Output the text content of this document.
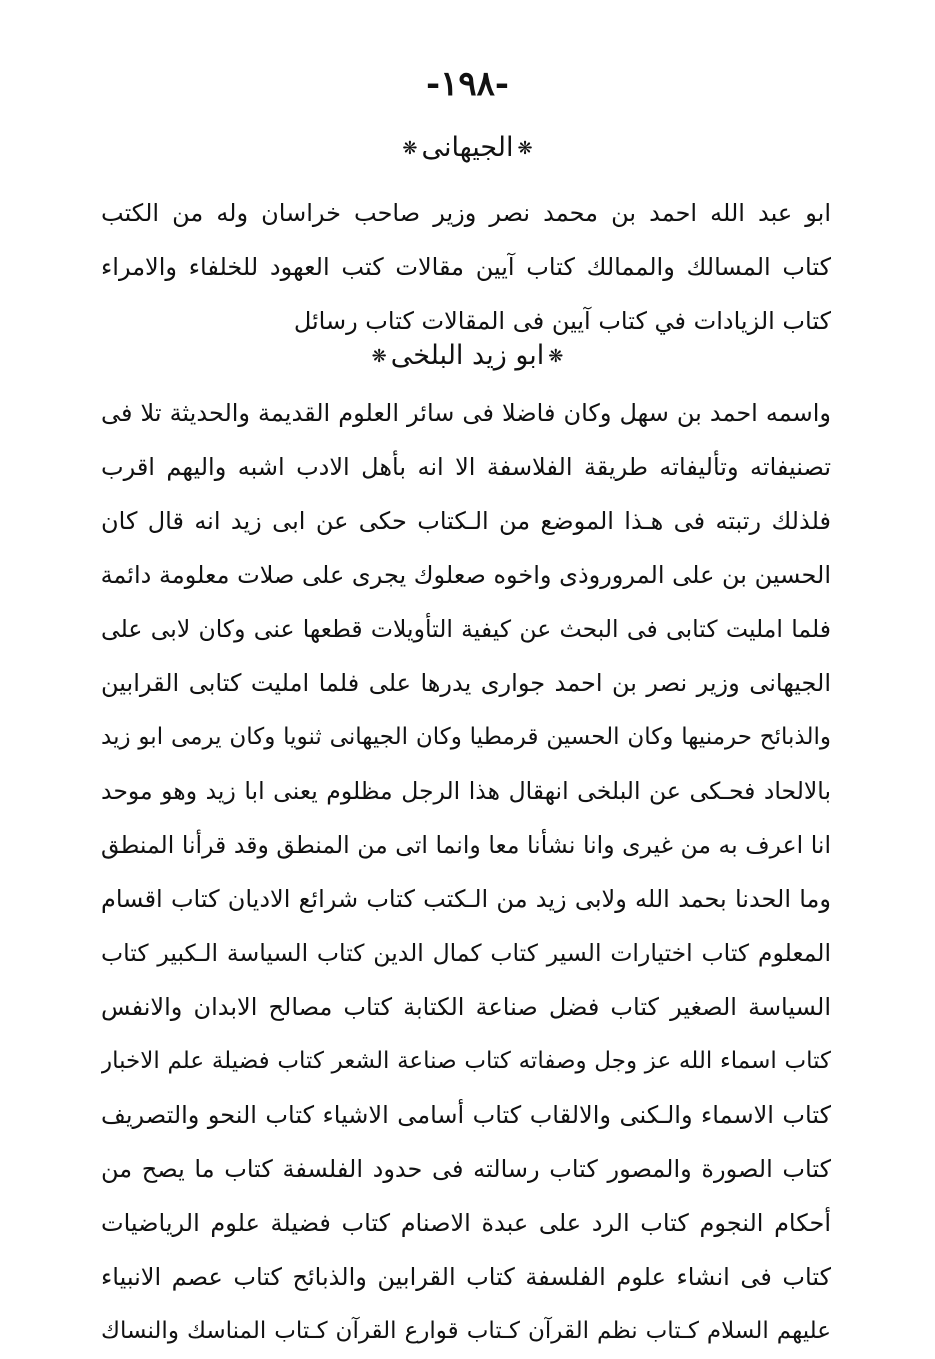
-١٩٨-
❋الجيهانی❋
ابو عبد الله احمد بن محمد نصر وزير صاحب خراسان وله من الكتب
كتاب المسالك والممالك كتاب آيين مقالات كتب العهود للخلفاء والامراء
كتاب الزيادات في كتاب آيين فی المقالات كتاب رسائل
❋ابو زيد البلخی❋
واسمه احمد بن سهل وكان فاضلا فی سائر العلوم القديمة والحديثة تلا فی
تصنيفاته وتأليفاته طريقة الفلاسفة الا انه بأهل الادب اشبه واليهم اقرب
فلذلك رتبته فی هـذا الموضع من الـكتاب حكی عن ابی زيد انه قال كان
الحسين بن علی المروروذی واخوه صعلوك يجری علی صلات معلومة دائمة
فلما امليت كتابی فی البحث عن كيفية التأويلات قطعها عنی وكان لابی علی
الجيهانی وزير نصر بن احمد جواری يدرها علی فلما امليت كتابی القرابين
والذبائح حرمنيها وكان الحسين قرمطيا وكان الجيهانی ثنويا وكان يرمی ابو زيد
بالالحاد فحـكی عن البلخی انهقال هذا الرجل مظلوم يعنی ابا زيد وهو موحد
انا اعرف به من غيری وانا نشأنا معا وانما اتی من المنطق وقد قرأنا المنطق
وما الحدنا بحمد الله ولابی زيد من الـكتب كتاب شرائع الاديان كتاب اقسام
المعلوم كتاب اختيارات السير كتاب كمال الدين كتاب السياسة الـكبير كتاب
السياسة الصغير كتاب فضل صناعة الكتابة كتاب مصالح الابدان والانفس
كتاب اسماء الله عز وجل وصفاته كتاب صناعة الشعر كتاب فضيلة علم الاخبار
كتاب الاسماء والـكنی والالقاب كتاب أسامی الاشياء كتاب النحو والتصريف
كتاب الصورة والمصور كتاب رسالته فی حدود الفلسفة كتاب ما يصح من
أحكام النجوم كتاب الرد علی عبدة الاصنام كتاب فضيلة علوم الرياضيات
كتاب فی انشاء علوم الفلسفة كتاب القرابين والذبائح كتاب عصم الانبياء
عليهم السلام كـتاب نظم القرآن كـتاب قوارع القرآن كـتاب المناسك والنساك
